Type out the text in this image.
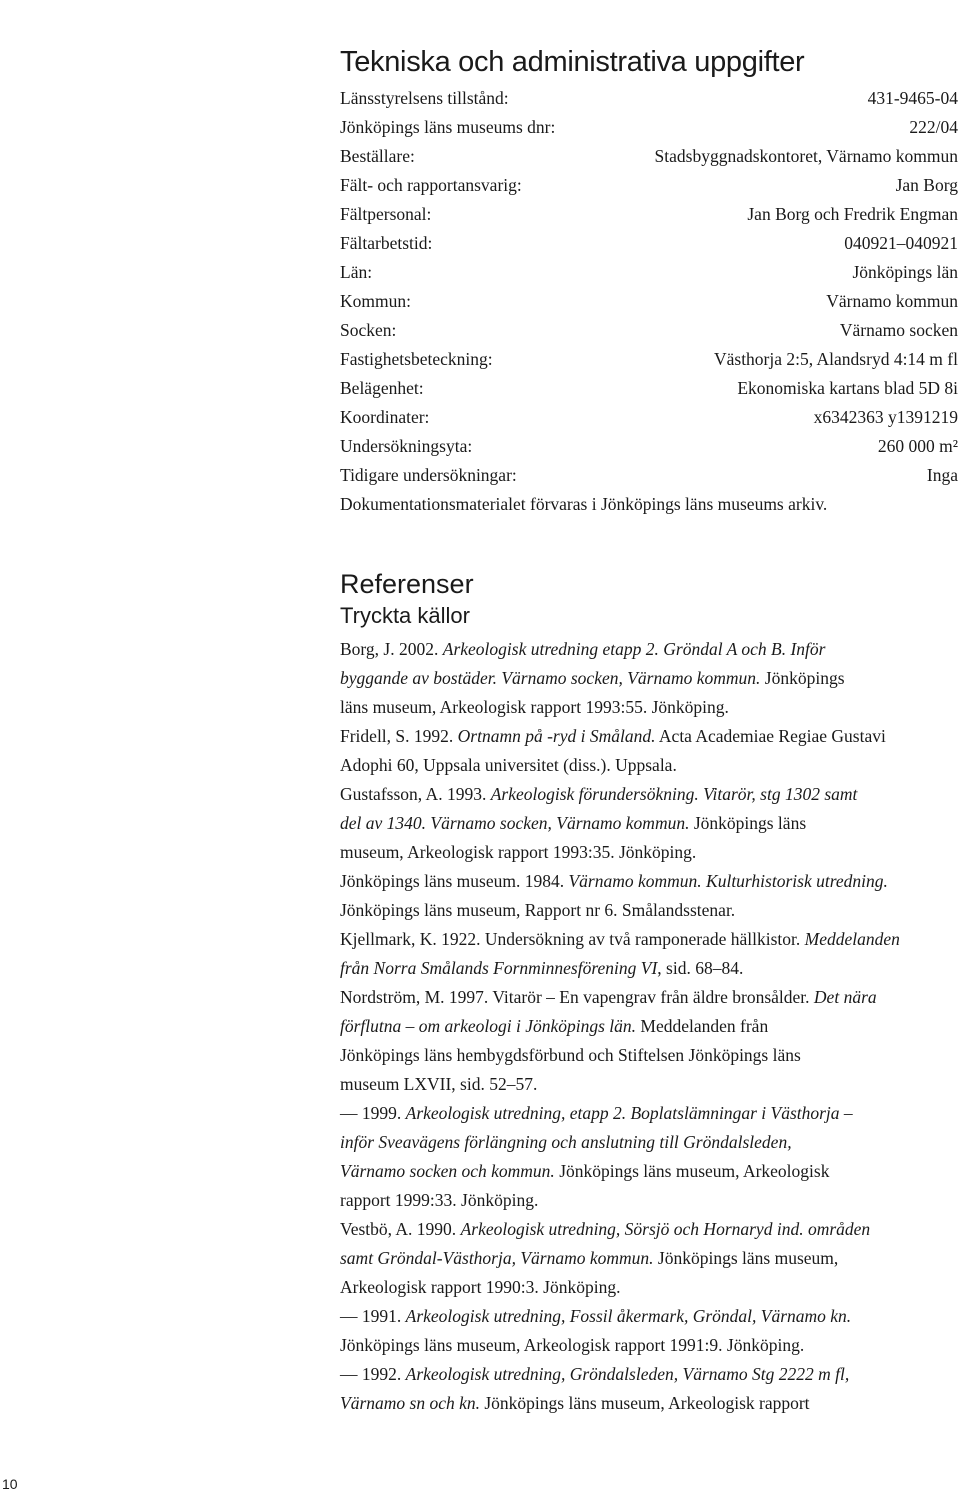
Tekniska och administrativa uppgifter
Länsstyrelsens tillstånd:	431-9465-04
Jönköpings läns museums dnr:	222/04
Beställare:	Stadsbyggnadskontoret, Värnamo kommun
Fält- och rapportansvarig:	Jan Borg
Fältpersonal:	Jan Borg och Fredrik Engman
Fältarbetstid:	040921–040921
Län:	Jönköpings län
Kommun:	Värnamo kommun
Socken:	Värnamo socken
Fastighetsbeteckning:	Västhorja 2:5, Alandsryd 4:14 m fl
Belägenhet:	Ekonomiska kartans blad 5D 8i
Koordinater:	x6342363 y1391219
Undersökningsyta:	260 000 m²
Tidigare undersökningar:	Inga
Dokumentationsmaterialet förvaras i Jönköpings läns museums arkiv.
Referenser
Tryckta källor
Borg, J. 2002. Arkeologisk utredning etapp 2. Gröndal A och B. Inför
byggande av bostäder. Värnamo socken, Värnamo kommun. Jönköpings
läns museum, Arkeologisk rapport 1993:55. Jönköping.
Fridell, S. 1992. Ortnamn på -ryd i Småland. Acta Academiae Regiae Gustavi
Adophi 60, Uppsala universitet (diss.). Uppsala.
Gustafsson, A. 1993. Arkeologisk förundersökning. Vitarör, stg 1302 samt
del av 1340. Värnamo socken, Värnamo kommun. Jönköpings läns
museum, Arkeologisk rapport 1993:35. Jönköping.
Jönköpings läns museum. 1984. Värnamo kommun. Kulturhistorisk utredning.
Jönköpings läns museum, Rapport nr 6. Smålandsstenar.
Kjellmark, K. 1922. Undersökning av två ramponerade hällkistor. Meddelanden
från Norra Smålands Fornminnesförening VI, sid. 68–84.
Nordström, M. 1997. Vitarör – En vapengrav från äldre bronsålder. Det nära
förflutna – om arkeologi i Jönköpings län. Meddelanden från
Jönköpings läns hembygdsförbund och Stiftelsen Jönköpings läns
museum LXVII, sid. 52–57.
— 1999. Arkeologisk utredning, etapp 2. Boplatslämningar i Västhorja –
inför Sveavägens förlängning och anslutning till Gröndalsleden,
Värnamo socken och kommun. Jönköpings läns museum, Arkeologisk
rapport 1999:33. Jönköping.
Vestbö, A. 1990. Arkeologisk utredning, Sörsjö och Hornaryd ind. områden
samt Gröndal-Västhorja, Värnamo kommun. Jönköpings läns museum,
Arkeologisk rapport 1990:3. Jönköping.
— 1991. Arkeologisk utredning, Fossil åkermark, Gröndal, Värnamo kn.
Jönköpings läns museum, Arkeologisk rapport 1991:9. Jönköping.
— 1992. Arkeologisk utredning, Gröndalsleden, Värnamo Stg 2222 m fl,
Värnamo sn och kn. Jönköpings läns museum, Arkeologisk rapport
10
